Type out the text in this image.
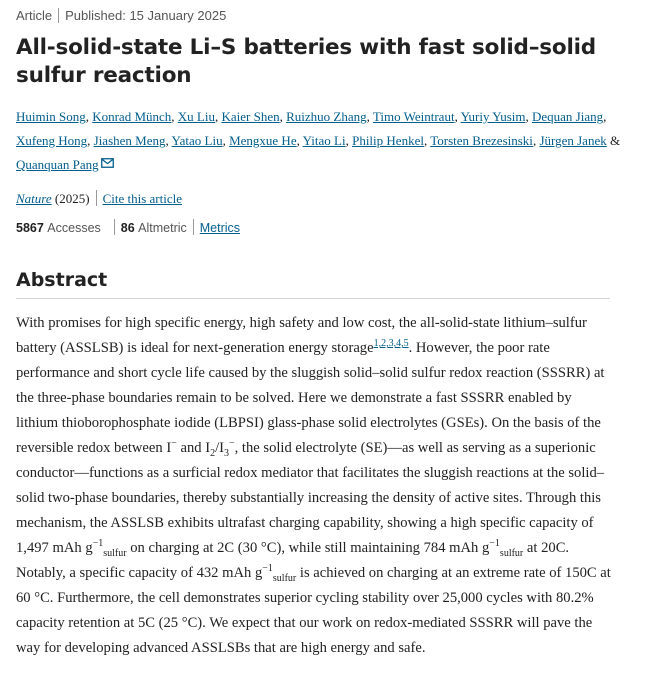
Article Published: 15 January 2025
All-solid-state Li–S batteries with fast solid–solid sulfur reaction
Huimin Song, Konrad Münch, Xu Liu, Kaier Shen, Ruizhuo Zhang, Timo Weintraut, Yuriy Yusim, Dequan Jiang, Xufeng Hong, Jiashen Meng, Yatao Liu, Mengxue He, Yitao Li, Philip Henkel, Torsten Brezesinski, Jürgen Janek & Quanquan Pang
Nature (2025) Cite this article
5867 Accesses 86 Altmetric Metrics
Abstract
With promises for high specific energy, high safety and low cost, the all-solid-state lithium–sulfur battery (ASSLSB) is ideal for next-generation energy storage$^{1,2,3,4,5}$. However, the poor rate performance and short cycle life caused by the sluggish solid–solid sulfur redox reaction (SSSRR) at the three-phase boundaries remain to be solved. Here we demonstrate a fast SSSRR enabled by lithium thioborophosphate iodide (LBPSI) glass-phase solid electrolytes (GSEs). On the basis of the reversible redox between I− and $I_2/I_3^-$, the solid electrolyte (SE)—as well as serving as a superionic conductor—functions as a surficial redox mediator that facilitates the sluggish reactions at the solid–solid two-phase boundaries, thereby substantially increasing the density of active sites. Through this mechanism, the ASSLSB exhibits ultrafast charging capability, showing a high specific capacity of 1,497 mAh $g^{-1}_{sulfur}$ on charging at 2C (30 °C), while still maintaining 784 mAh $g^{-1}_{sulfur}$ at 20C. Notably, a specific capacity of 432 mAh $g^{-1}_{sulfur}$ is achieved on charging at an extreme rate of 150C at 60 °C. Furthermore, the cell demonstrates superior cycling stability over 25,000 cycles with 80.2% capacity retention at 5C (25 °C). We expect that our work on redox-mediated SSSRR will pave the way for developing advanced ASSLSBs that are high energy and safe.
